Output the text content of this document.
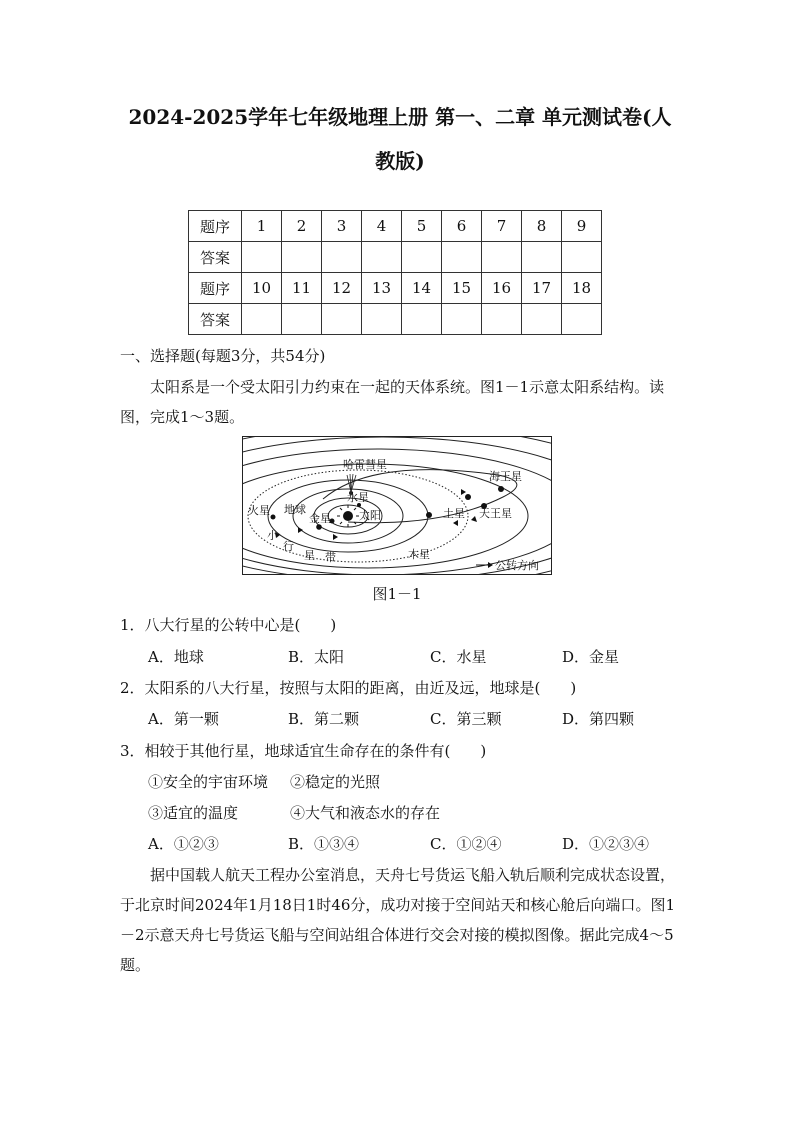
2024-2025学年七年级地理上册 第一、二章 单元测试卷(人
教版)
题序	1	2	3	4	5	6	7	8	9
答案									
题序	10	11	12	13	14	15	16	17	18
答案									
一、选择题(每题3分，共54分)
太阳系是一个受太阳引力约束在一起的天体系统。图1－1示意太阳系结构。读图，完成1～3题。
哈雷彗星
海王星
水星
火星 地球
金星	太阳	土星 天王星
小
行
星 带	木星
公转方向
图1－1
1．八大行星的公转中心是(　　)
A．地球	B．太阳	C．水星	D．金星
2．太阳系的八大行星，按照与太阳的距离，由近及远，地球是(　　)
A．第一颗	B．第二颗	C．第三颗	D．第四颗
3．相较于其他行星，地球适宜生命存在的条件有(　　)
①安全的宇宙环境 ②稳定的光照
③适宜的温度	④大气和液态水的存在
A．①②③	B．①③④	C．①②④	D．①②③④
据中国载人航天工程办公室消息，天舟七号货运飞船入轨后顺利完成状态设置，于北京时间2024年1月18日1时46分，成功对接于空间站天和核心舱后向端口。图1－2示意天舟七号货运飞船与空间站组合体进行交会对接的模拟图像。据此完成4～5题。
